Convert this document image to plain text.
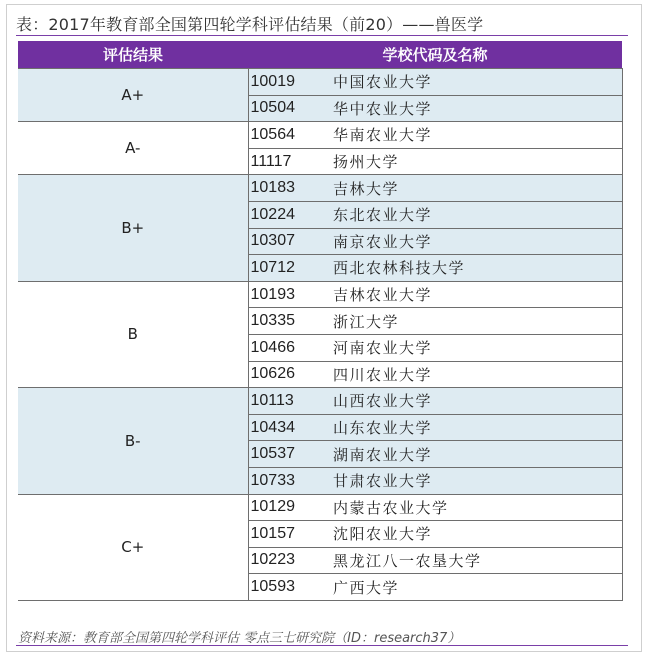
表：2017年教育部全国第四轮学科评估结果（前20）——兽医学
评估结果	学校代码及名称	
A+	10019	中国农业大学
	10504	华中农业大学
A-	10564	华南农业大学
	11117	扬州大学
B+	10183	吉林大学
	10224	东北农业大学
	10307	南京农业大学
	10712	西北农林科技大学
B	10193	吉林农业大学
	10335	浙江大学
	10466	河南农业大学
	10626	四川农业大学
B-	10113	山西农业大学
	10434	山东农业大学
	10537	湖南农业大学
	10733	甘肃农业大学
C+	10129	内蒙古农业大学
	10157	沈阳农业大学
	10223	黑龙江八一农垦大学
	10593	广西大学
资料来源：教育部全国第四轮学科评估 零点三七研究院（ID：research37）
